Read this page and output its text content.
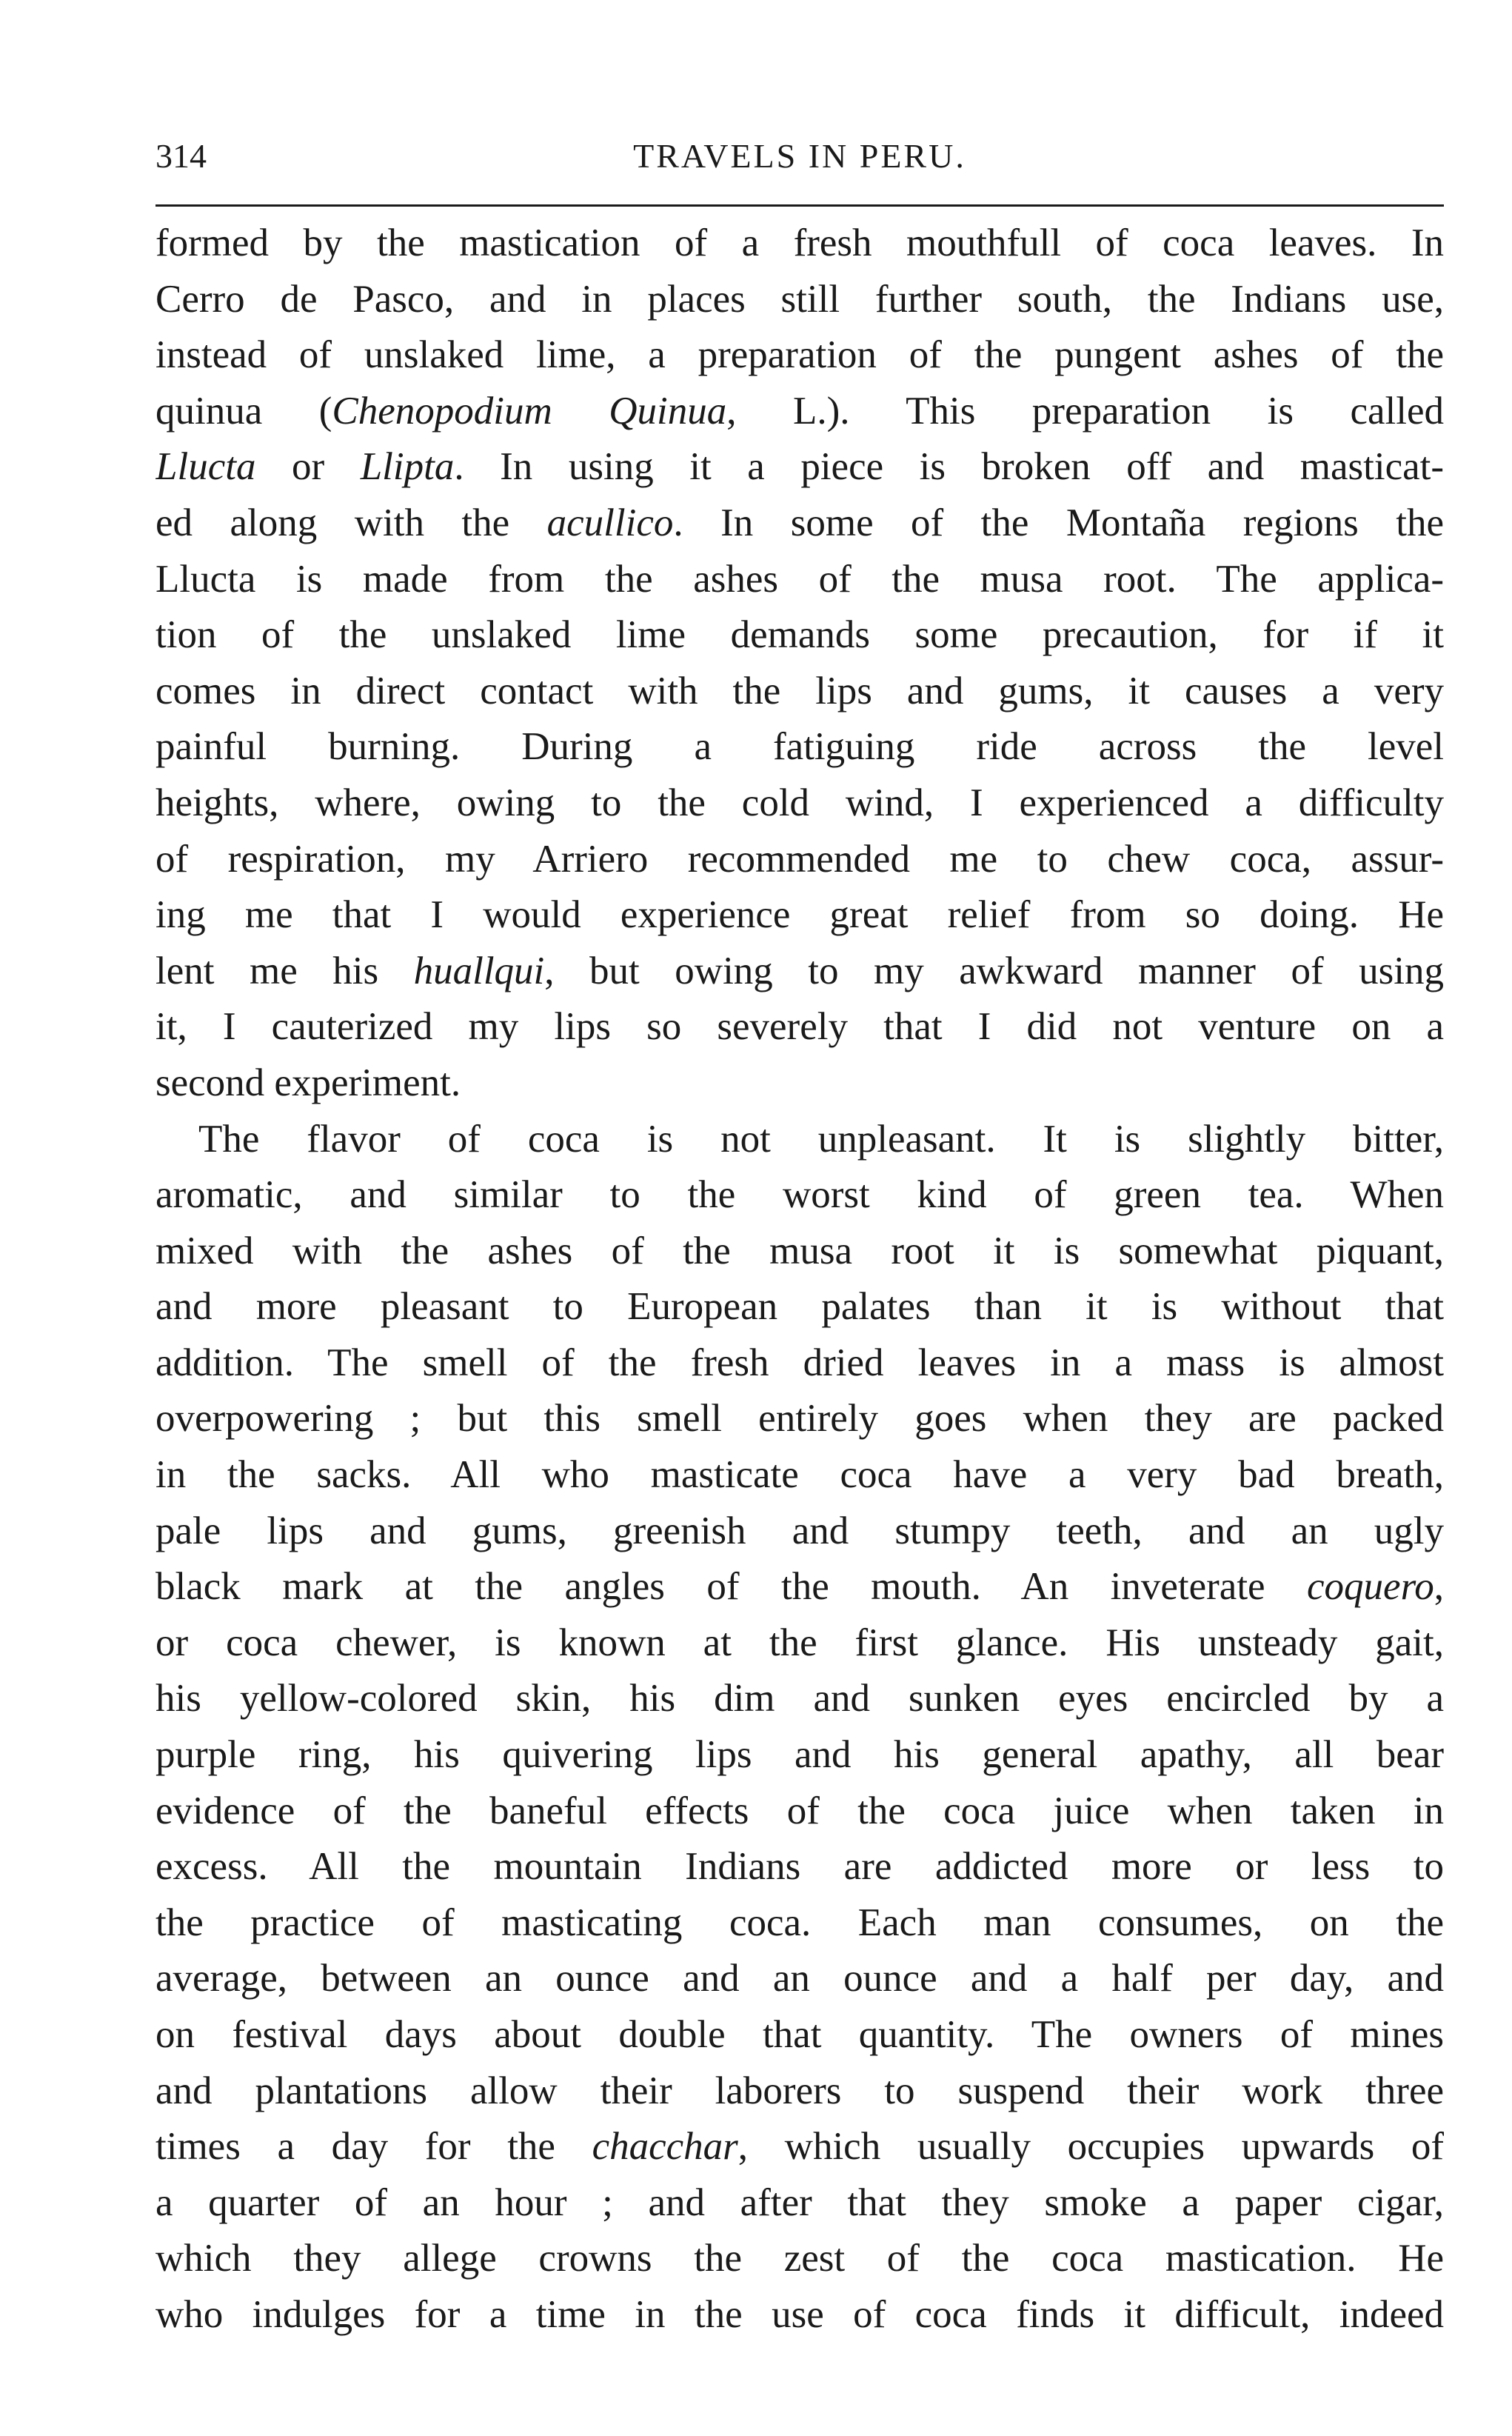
314	TRAVELS IN PERU.
formed by the mastication of a fresh mouthfull of coca leaves. In
Cerro de Pasco, and in places still further south, the Indians use,
instead of unslaked lime, a preparation of the pungent ashes of the
quinua (Chenopodium Quinua, L.). This preparation is called
Llucta or Llipta. In using it a piece is broken off and masticat-
ed along with the acullico. In some of the Montaña regions the
Llucta is made from the ashes of the musa root. The applica-
tion of the unslaked lime demands some precaution, for if it
comes in direct contact with the lips and gums, it causes a very
painful burning. During a fatiguing ride across the level
heights, where, owing to the cold wind, I experienced a difficulty
of respiration, my Arriero recommended me to chew coca, assur-
ing me that I would experience great relief from so doing. He
lent me his huallqui, but owing to my awkward manner of using
it, I cauterized my lips so severely that I did not venture on a
second experiment.
The flavor of coca is not unpleasant. It is slightly bitter,
aromatic, and similar to the worst kind of green tea. When
mixed with the ashes of the musa root it is somewhat piquant,
and more pleasant to European palates than it is without that
addition. The smell of the fresh dried leaves in a mass is almost
overpowering ; but this smell entirely goes when they are packed
in the sacks. All who masticate coca have a very bad breath,
pale lips and gums, greenish and stumpy teeth, and an ugly
black mark at the angles of the mouth. An inveterate coquero,
or coca chewer, is known at the first glance. His unsteady gait,
his yellow-colored skin, his dim and sunken eyes encircled by a
purple ring, his quivering lips and his general apathy, all bear
evidence of the baneful effects of the coca juice when taken in
excess. All the mountain Indians are addicted more or less to
the practice of masticating coca. Each man consumes, on the
average, between an ounce and an ounce and a half per day, and
on festival days about double that quantity. The owners of mines
and plantations allow their laborers to suspend their work three
times a day for the chacchar, which usually occupies upwards of
a quarter of an hour ; and after that they smoke a paper cigar,
which they allege crowns the zest of the coca mastication. He
who indulges for a time in the use of coca finds it difficult, indeed
